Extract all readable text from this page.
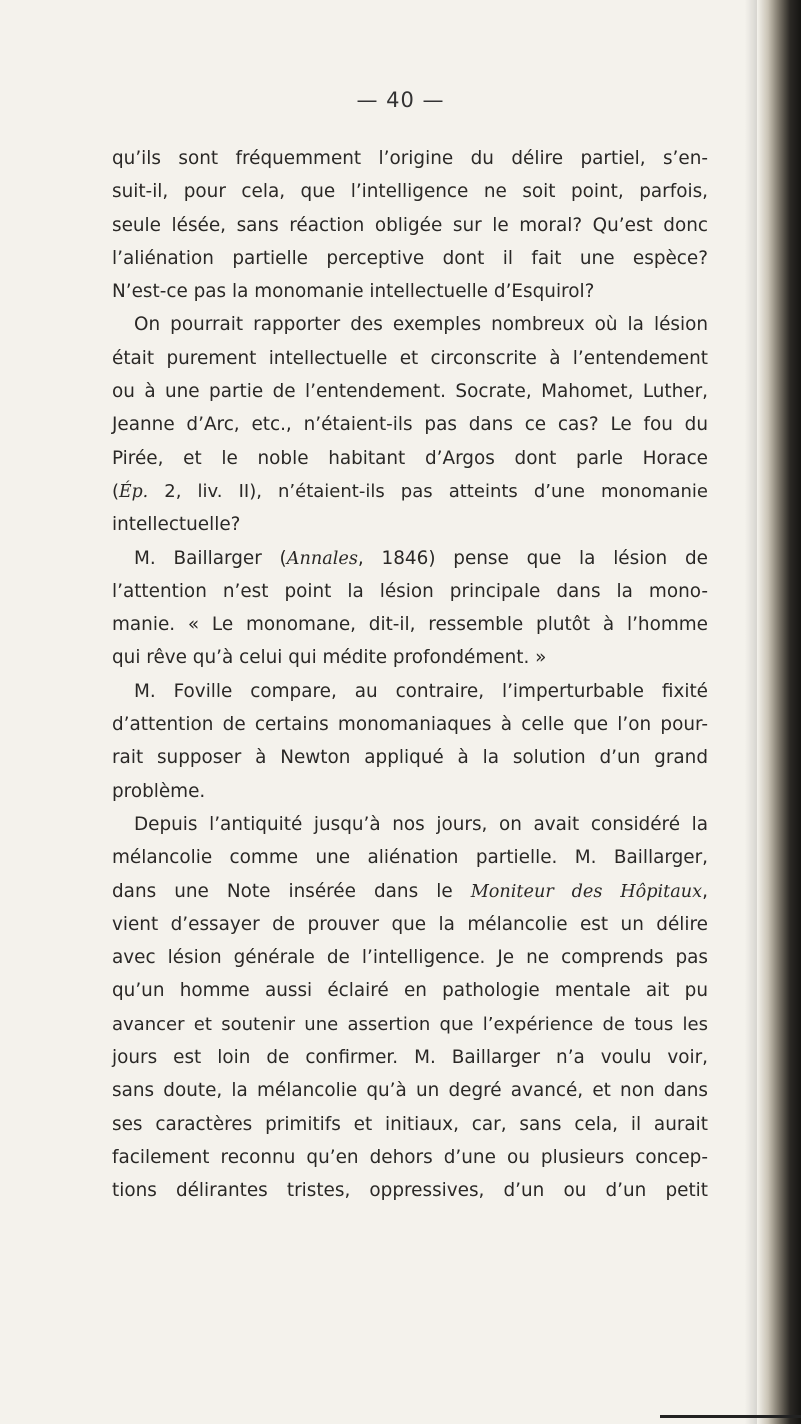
— 40 —
qu’ils sont fréquemment l’origine du délire partiel, s’en-
suit-il, pour cela, que l’intelligence ne soit point, parfois,
seule lésée, sans réaction obligée sur le moral? Qu’est donc
l’aliénation partielle perceptive dont il fait une espèce?
N’est-ce pas la monomanie intellectuelle d’Esquirol?
On pourrait rapporter des exemples nombreux où la lésion
était purement intellectuelle et circonscrite à l’entendement
ou à une partie de l’entendement. Socrate, Mahomet, Luther,
Jeanne d’Arc, etc., n’étaient-ils pas dans ce cas? Le fou du
Pirée, et le noble habitant d’Argos dont parle Horace
(Ép. 2, liv. II), n’étaient-ils pas atteints d’une monomanie
intellectuelle?
M. Baillarger (Annales, 1846) pense que la lésion de
l’attention n’est point la lésion principale dans la mono-
manie. « Le monomane, dit-il, ressemble plutôt à l’homme
qui rêve qu’à celui qui médite profondément. »
M. Foville compare, au contraire, l’imperturbable fixité
d’attention de certains monomaniaques à celle que l’on pour-
rait supposer à Newton appliqué à la solution d’un grand
problème.
Depuis l’antiquité jusqu’à nos jours, on avait considéré la
mélancolie comme une aliénation partielle. M. Baillarger,
dans une Note insérée dans le Moniteur des Hôpitaux,
vient d’essayer de prouver que la mélancolie est un délire
avec lésion générale de l’intelligence. Je ne comprends pas
qu’un homme aussi éclairé en pathologie mentale ait pu
avancer et soutenir une assertion que l’expérience de tous les
jours est loin de confirmer. M. Baillarger n’a voulu voir,
sans doute, la mélancolie qu’à un degré avancé, et non dans
ses caractères primitifs et initiaux, car, sans cela, il aurait
facilement reconnu qu’en dehors d’une ou plusieurs concep-
tions délirantes tristes, oppressives, d’un ou d’un petit
